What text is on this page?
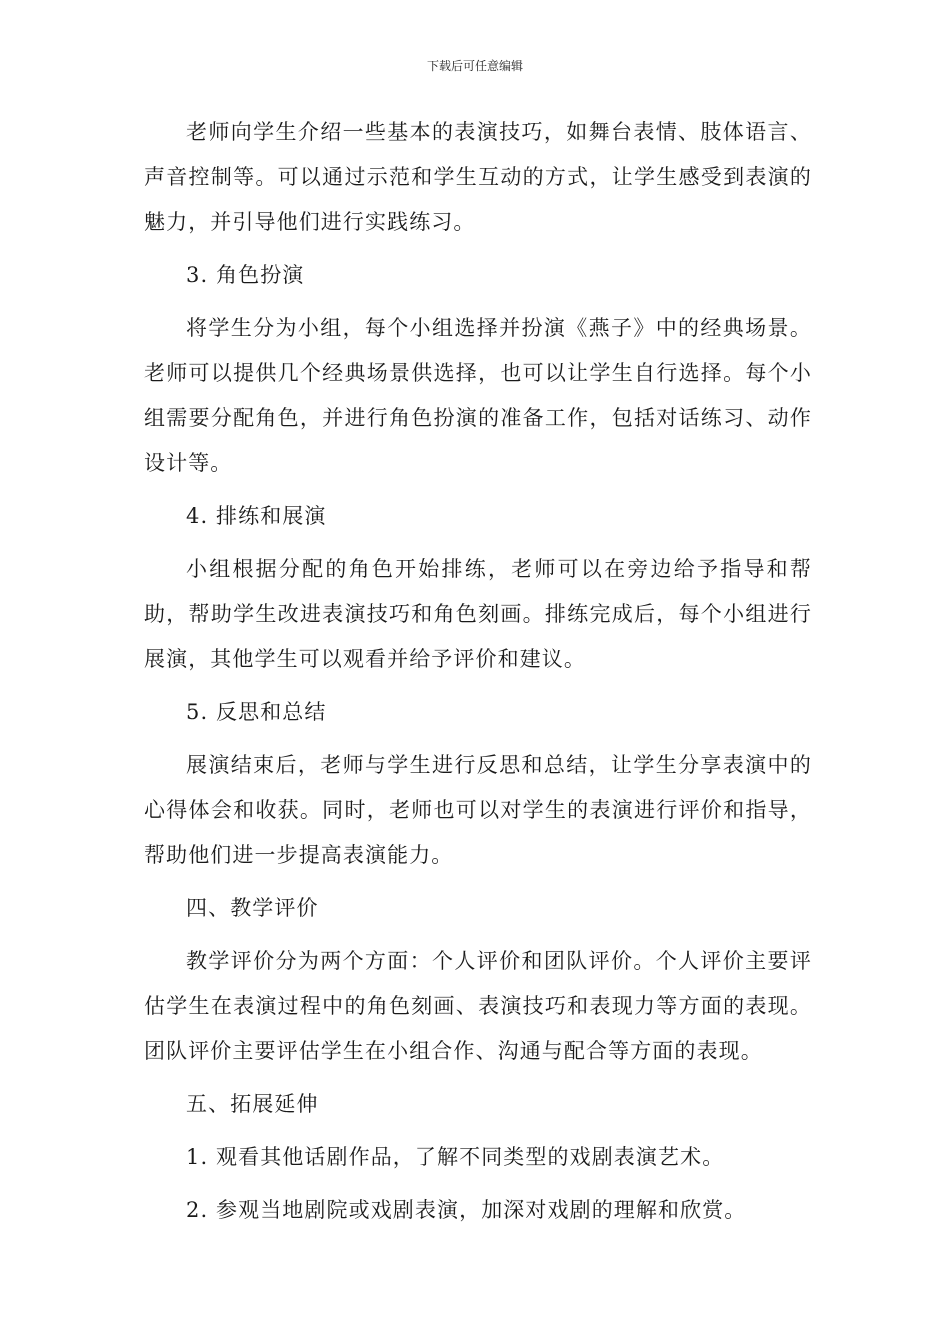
下载后可任意编辑

老师向学生介绍一些基本的表演技巧，如舞台表情、肢体语言、声音控制等。可以通过示范和学生互动的方式，让学生感受到表演的魅力，并引导他们进行实践练习。

3. 角色扮演

将学生分为小组，每个小组选择并扮演《燕子》中的经典场景。老师可以提供几个经典场景供选择，也可以让学生自行选择。每个小组需要分配角色，并进行角色扮演的准备工作，包括对话练习、动作设计等。

4. 排练和展演

小组根据分配的角色开始排练，老师可以在旁边给予指导和帮助，帮助学生改进表演技巧和角色刻画。排练完成后，每个小组进行展演，其他学生可以观看并给予评价和建议。

5. 反思和总结

展演结束后，老师与学生进行反思和总结，让学生分享表演中的心得体会和收获。同时，老师也可以对学生的表演进行评价和指导，帮助他们进一步提高表演能力。

四、教学评价

教学评价分为两个方面：个人评价和团队评价。个人评价主要评估学生在表演过程中的角色刻画、表演技巧和表现力等方面的表现。团队评价主要评估学生在小组合作、沟通与配合等方面的表现。

五、拓展延伸

1. 观看其他话剧作品，了解不同类型的戏剧表演艺术。

2. 参观当地剧院或戏剧表演，加深对戏剧的理解和欣赏。
